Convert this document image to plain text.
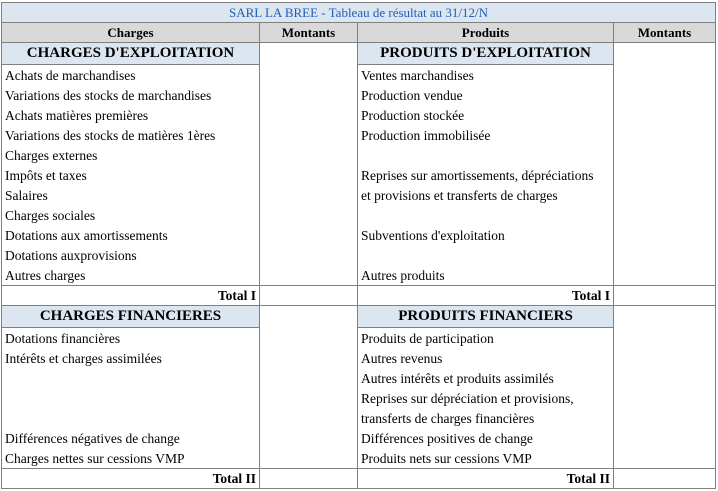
SARL LA BREE - Tableau de résultat au 31/12/N			
Charges	Montants	Produits	Montants
CHARGES D'EXPLOITATION		PRODUITS D'EXPLOITATION	
Achats de marchandises		Ventes marchandises	
Variations des stocks de marchandises		Production vendue	
Achats matières premières		Production stockée	
Variations des stocks de matières 1ères		Production immobilisée	
Charges externes			
Impôts et taxes		Reprises sur amortissements, dépréciations	
Salaires		et provisions et transferts de charges	
Charges sociales			
Dotations aux amortissements		Subventions d'exploitation	
Dotations auxprovisions			
Autres charges		Autres produits	
Total I		Total I	
CHARGES FINANCIERES		PRODUITS FINANCIERS	
Dotations financières		Produits de participation	
Intérêts et charges assimilées		Autres revenus	
		Autres intérêts et produits assimilés	
		Reprises sur dépréciation et provisions,	
		transferts de charges financières	
Différences négatives de change		Différences positives de change	
Charges nettes sur cessions VMP		Produits nets sur cessions VMP	
Total II		Total II	
